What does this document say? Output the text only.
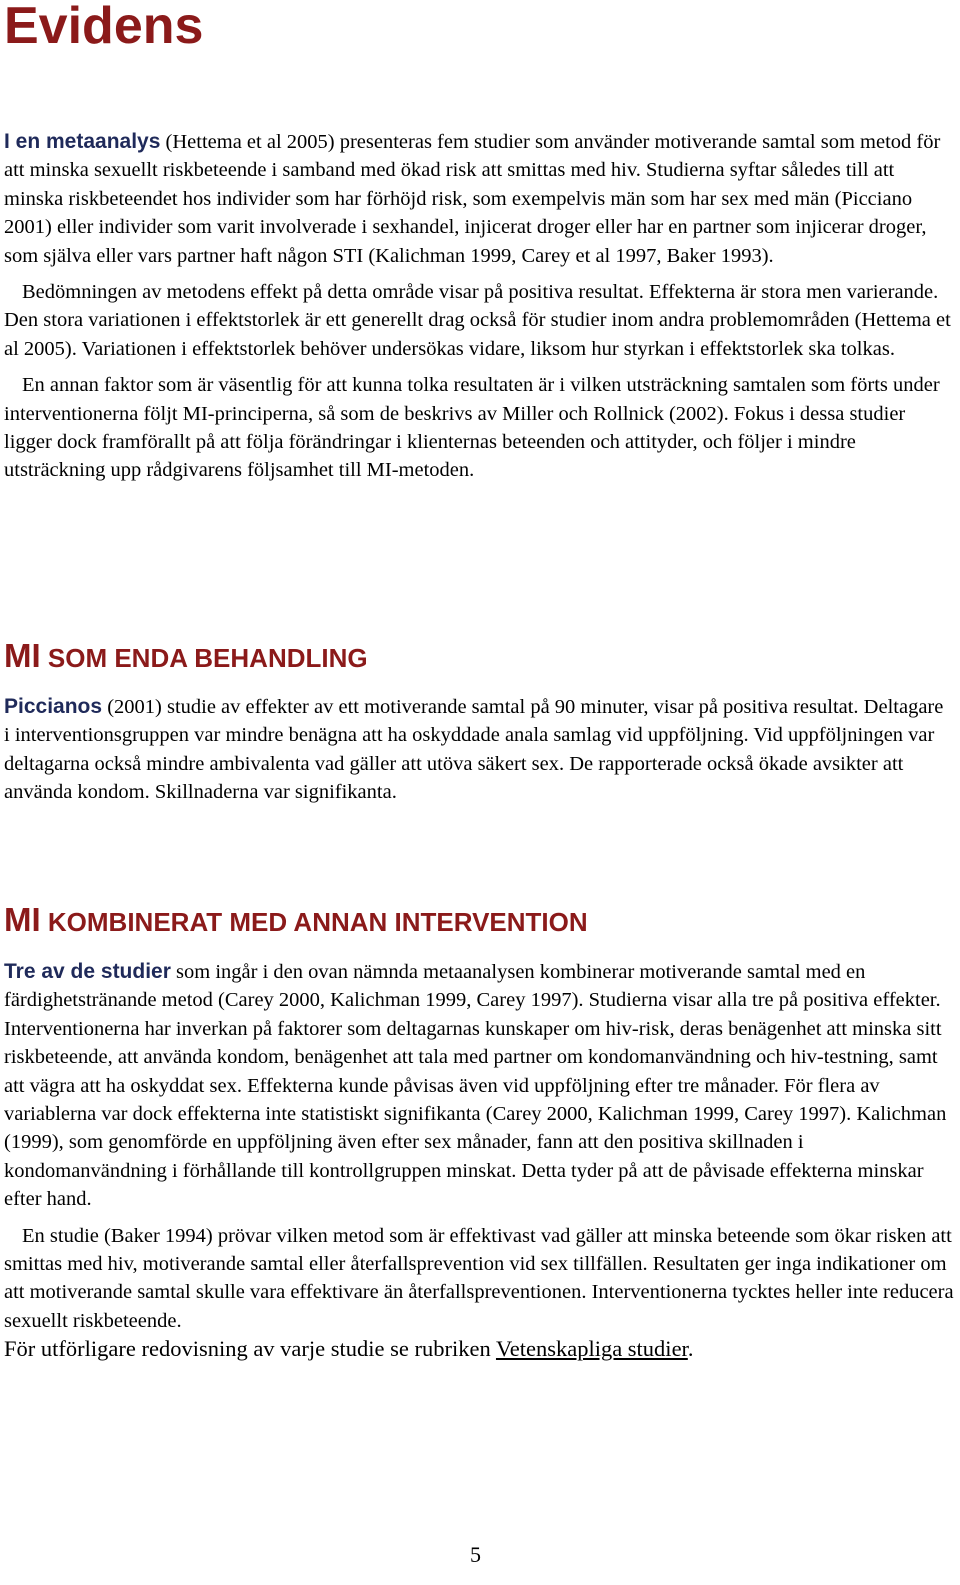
Evidens

I en metaanalys (Hettema et al 2005) presenteras fem studier som använder motiverande samtal som metod för att minska sexuellt riskbeteende i samband med ökad risk att smittas med hiv. Studierna syftar således till att minska riskbeteendet hos individer som har förhöjd risk, som exempelvis män som har sex med män (Picciano 2001) eller individer som varit involverade i sexhandel, injicerat droger eller har en partner som injicerar droger, som själva eller vars partner haft någon STI (Kalichman 1999, Carey et al 1997, Baker 1993).

Bedömningen av metodens effekt på detta område visar på positiva resultat. Effekterna är stora men varierande. Den stora variationen i effektstorlek är ett generellt drag också för studier inom andra problemområden (Hettema et al 2005). Variationen i effektstorlek behöver undersökas vidare, liksom hur styrkan i effektstorlek ska tolkas.

En annan faktor som är väsentlig för att kunna tolka resultaten är i vilken utsträckning samtalen som förts under interventionerna följt MI-principerna, så som de beskrivs av Miller och Rollnick (2002). Fokus i dessa studier ligger dock framförallt på att följa förändringar i klienternas beteenden och attityder, och följer i mindre utsträckning upp rådgivarens följsamhet till MI-metoden.

MI SOM ENDA BEHANDLING

Piccianos (2001) studie av effekter av ett motiverande samtal på 90 minuter, visar på positiva resultat. Deltagare i interventionsgruppen var mindre benägna att ha oskyddade anala samlag vid uppföljning. Vid uppföljningen var deltagarna också mindre ambivalenta vad gäller att utöva säkert sex. De rapporterade också ökade avsikter att använda kondom. Skillnaderna var signifikanta.

MI KOMBINERAT MED ANNAN INTERVENTION

Tre av de studier som ingår i den ovan nämnda metaanalysen kombinerar motiverande samtal med en färdighetstränande metod (Carey 2000, Kalichman 1999, Carey 1997). Studierna visar alla tre på positiva effekter. Interventionerna har inverkan på faktorer som deltagarnas kunskaper om hiv-risk, deras benägenhet att minska sitt riskbeteende, att använda kondom, benägenhet att tala med partner om kondomanvändning och hiv-testning, samt att vägra att ha oskyddat sex. Effekterna kunde påvisas även vid uppföljning efter tre månader. För flera av variablerna var dock effekterna inte statistiskt signifikanta (Carey 2000, Kalichman 1999, Carey 1997). Kalichman (1999), som genomförde en uppföljning även efter sex månader, fann att den positiva skillnaden i kondomanvändning i förhållande till kontrollgruppen minskat. Detta tyder på att de påvisade effekterna minskar efter hand.

En studie (Baker 1994) prövar vilken metod som är effektivast vad gäller att minska beteende som ökar risken att smittas med hiv, motiverande samtal eller återfallsprevention vid sex tillfällen. Resultaten ger inga indikationer om att motiverande samtal skulle vara effektivare än återfallspreventionen. Interventionerna tycktes heller inte reducera sexuellt riskbeteende.

För utförligare redovisning av varje studie se rubriken Vetenskapliga studier.

5
